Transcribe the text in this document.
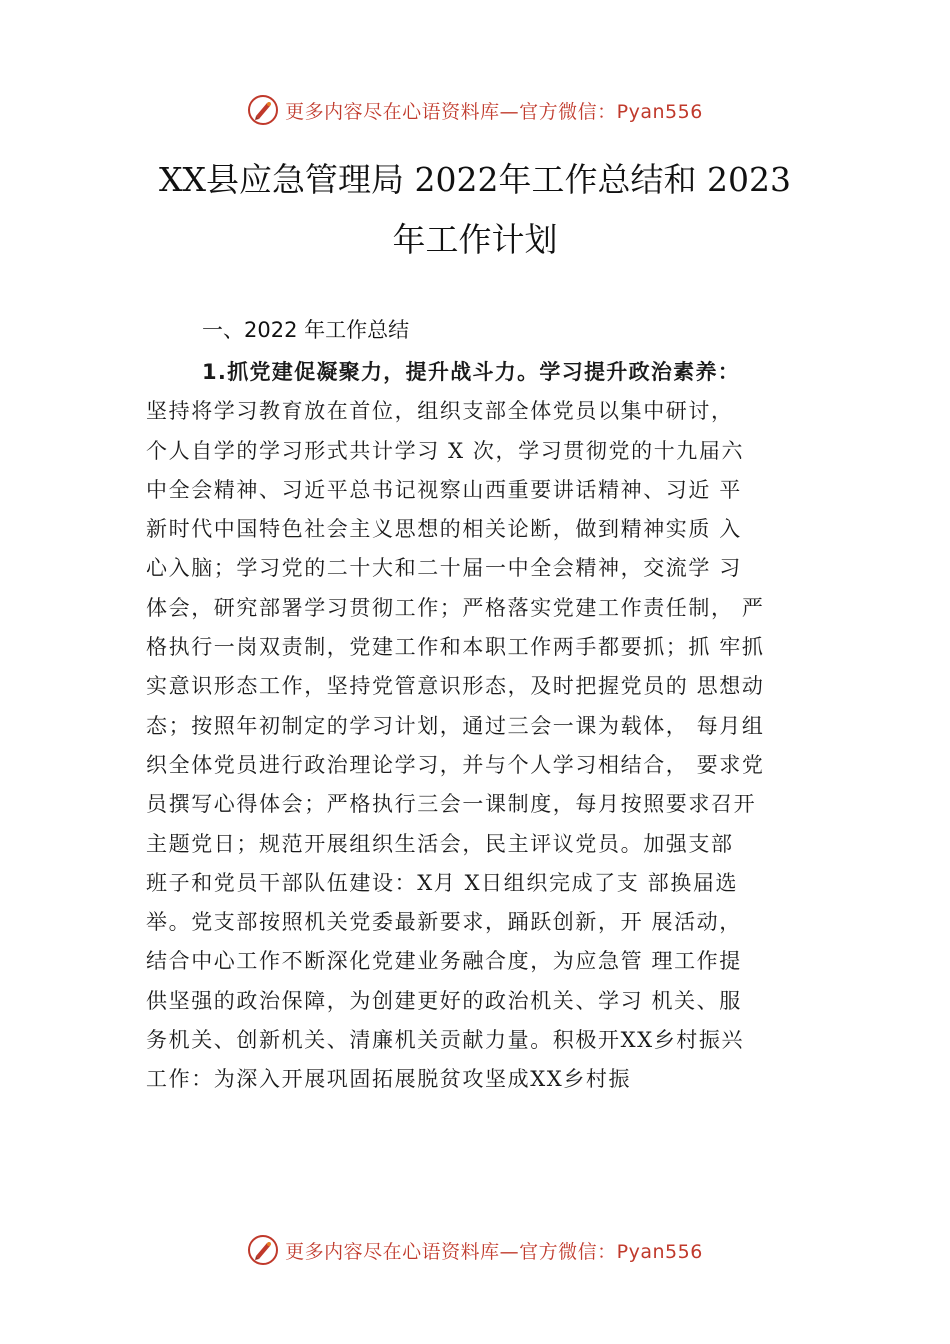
更多内容尽在心语资料库—官方微信：Pyan556
XX县应急管理局 2022年工作总结和 2023
年工作计划
一、2022 年工作总结
1.抓党建促凝聚力，提升战斗力。学习提升政治素养：
坚持将学习教育放在首位，组织支部全体党员以集中研讨，
个人自学的学习形式共计学习 X 次，学习贯彻党的十九届六
中全会精神、习近平总书记视察山西重要讲话精神、习近 平
新时代中国特色社会主义思想的相关论断，做到精神实质 入
心入脑；学习党的二十大和二十届一中全会精神，交流学 习
体会，研究部署学习贯彻工作；严格落实党建工作责任制， 严
格执行一岗双责制，党建工作和本职工作两手都要抓；抓 牢抓
实意识形态工作，坚持党管意识形态，及时把握党员的 思想动
态；按照年初制定的学习计划，通过三会一课为载体， 每月组
织全体党员进行政治理论学习，并与个人学习相结合， 要求党
员撰写心得体会；严格执行三会一课制度，每月按照要求召开
主题党日；规范开展组织生活会，民主评议党员。加强支部
班子和党员干部队伍建设：X月 X日组织完成了支 部换届选
举。党支部按照机关党委最新要求，踊跃创新，开 展活动，
结合中心工作不断深化党建业务融合度，为应急管 理工作提
供坚强的政治保障，为创建更好的政治机关、学习 机关、服
务机关、创新机关、清廉机关贡献力量。积极开XX乡村振兴
工作：为深入开展巩固拓展脱贫攻坚成XX乡村振
更多内容尽在心语资料库—官方微信：Pyan556
